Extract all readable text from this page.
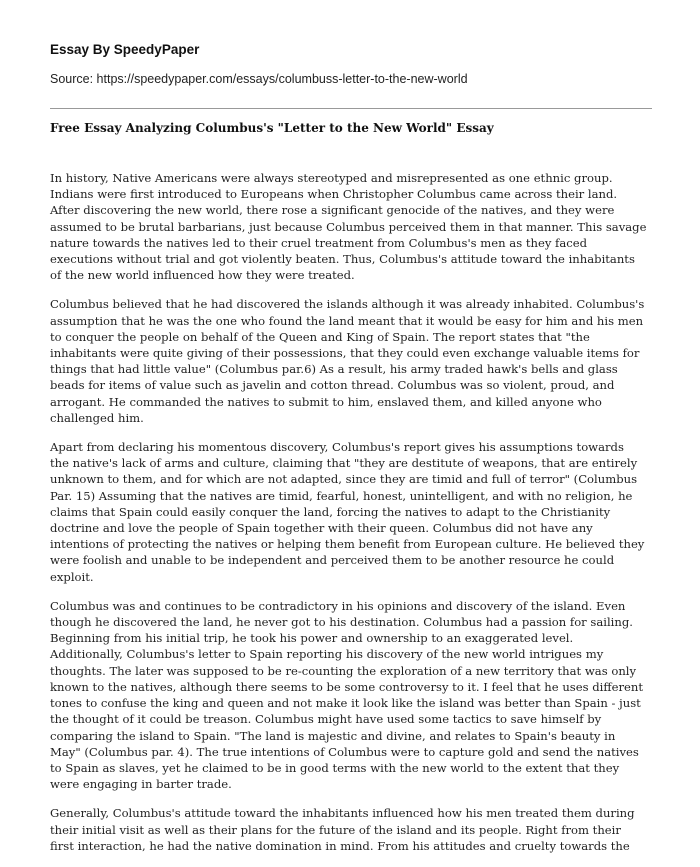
Essay By SpeedyPaper

Source: https://speedypaper.com/essays/columbuss-letter-to-the-new-world

Free Essay Analyzing Columbus's "Letter to the New World" Essay

In history, Native Americans were always stereotyped and misrepresented as one ethnic group.
Indians were first introduced to Europeans when Christopher Columbus came across their land.
After discovering the new world, there rose a significant genocide of the natives, and they were
assumed to be brutal barbarians, just because Columbus perceived them in that manner. This savage
nature towards the natives led to their cruel treatment from Columbus's men as they faced
executions without trial and got violently beaten. Thus, Columbus's attitude toward the inhabitants
of the new world influenced how they were treated.

Columbus believed that he had discovered the islands although it was already inhabited. Columbus's
assumption that he was the one who found the land meant that it would be easy for him and his men
to conquer the people on behalf of the Queen and King of Spain. The report states that "the
inhabitants were quite giving of their possessions, that they could even exchange valuable items for
things that had little value" (Columbus par.6) As a result, his army traded hawk's bells and glass
beads for items of value such as javelin and cotton thread. Columbus was so violent, proud, and
arrogant. He commanded the natives to submit to him, enslaved them, and killed anyone who
challenged him.

Apart from declaring his momentous discovery, Columbus's report gives his assumptions towards
the native's lack of arms and culture, claiming that "they are destitute of weapons, that are entirely
unknown to them, and for which are not adapted, since they are timid and full of terror" (Columbus
Par. 15) Assuming that the natives are timid, fearful, honest, unintelligent, and with no religion, he
claims that Spain could easily conquer the land, forcing the natives to adapt to the Christianity
doctrine and love the people of Spain together with their queen. Columbus did not have any
intentions of protecting the natives or helping them benefit from European culture. He believed they
were foolish and unable to be independent and perceived them to be another resource he could
exploit.

Columbus was and continues to be contradictory in his opinions and discovery of the island. Even
though he discovered the land, he never got to his destination. Columbus had a passion for sailing.
Beginning from his initial trip, he took his power and ownership to an exaggerated level.
Additionally, Columbus's letter to Spain reporting his discovery of the new world intrigues my
thoughts. The later was supposed to be re-counting the exploration of a new territory that was only
known to the natives, although there seems to be some controversy to it. I feel that he uses different
tones to confuse the king and queen and not make it look like the island was better than Spain - just
the thought of it could be treason. Columbus might have used some tactics to save himself by
comparing the island to Spain. "The land is majestic and divine, and relates to Spain's beauty in
May" (Columbus par. 4). The true intentions of Columbus were to capture gold and send the natives
to Spain as slaves, yet he claimed to be in good terms with the new world to the extent that they
were engaging in barter trade.

Generally, Columbus's attitude toward the inhabitants influenced how his men treated them during
their initial visit as well as their plans for the future of the island and its people. Right from their
first interaction, he had the native domination in mind. From his attitudes and cruelty towards the
